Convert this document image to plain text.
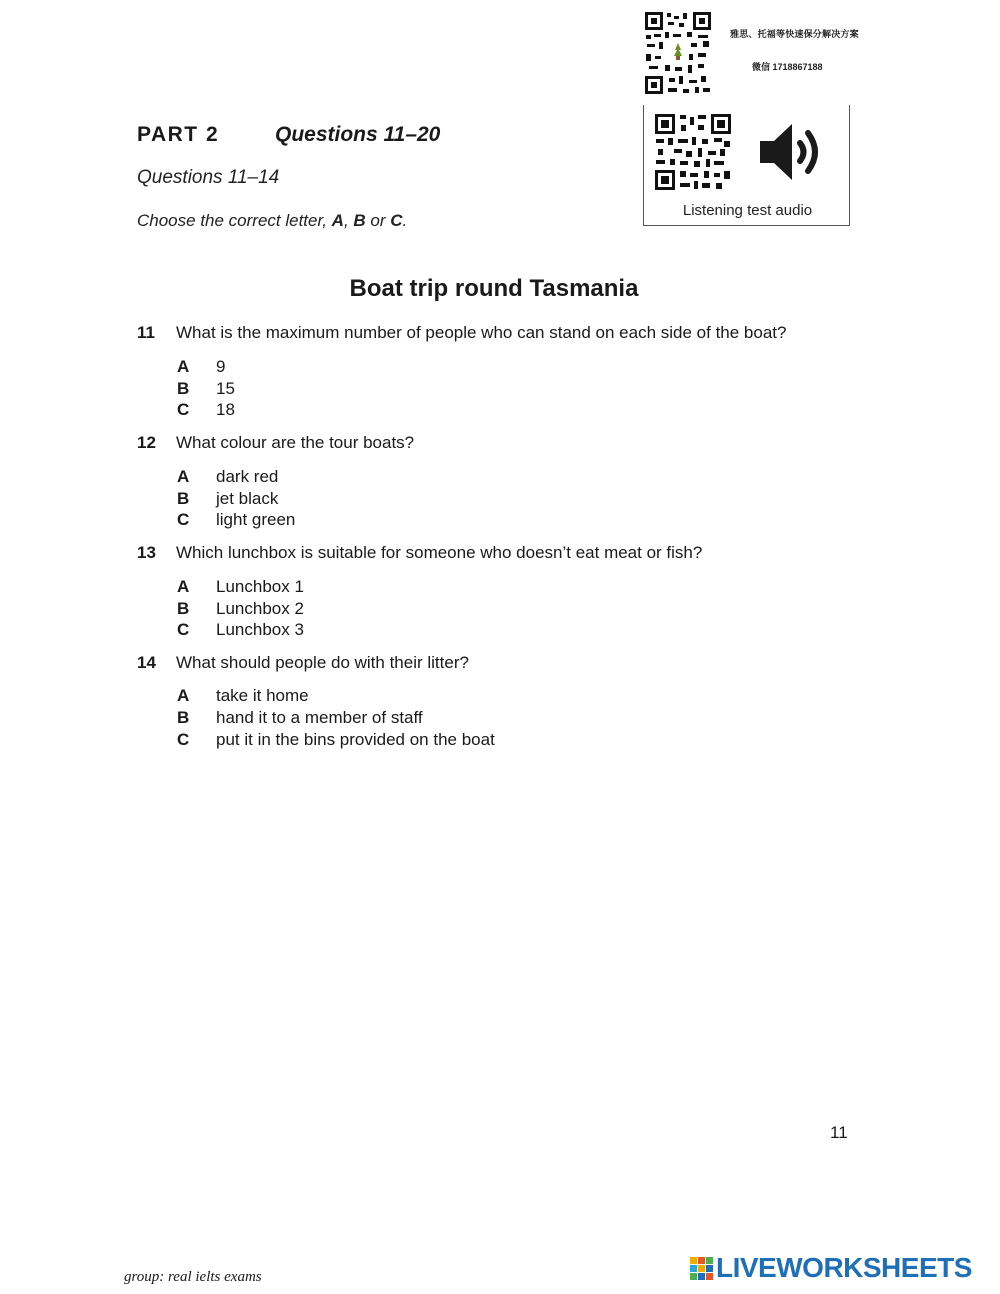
雅思、托福等快速保分解决方案
微信 1718867188
Listening test audio
PART 2	Questions 11–20
Questions 11–14
Choose the correct letter, A, B or C.
Boat trip round Tasmania
11 What is the maximum number of people who can stand on each side of the boat?
A 9
B 15
C 18
12 What colour are the tour boats?
A dark red
B jet black
C light green
13 Which lunchbox is suitable for someone who doesn’t eat meat or fish?
A Lunchbox 1
B Lunchbox 2
C Lunchbox 3
14 What should people do with their litter?
A take it home
B hand it to a member of staff
C put it in the bins provided on the boat
11
group: real ielts exams	LIVEWORKSHEETS
